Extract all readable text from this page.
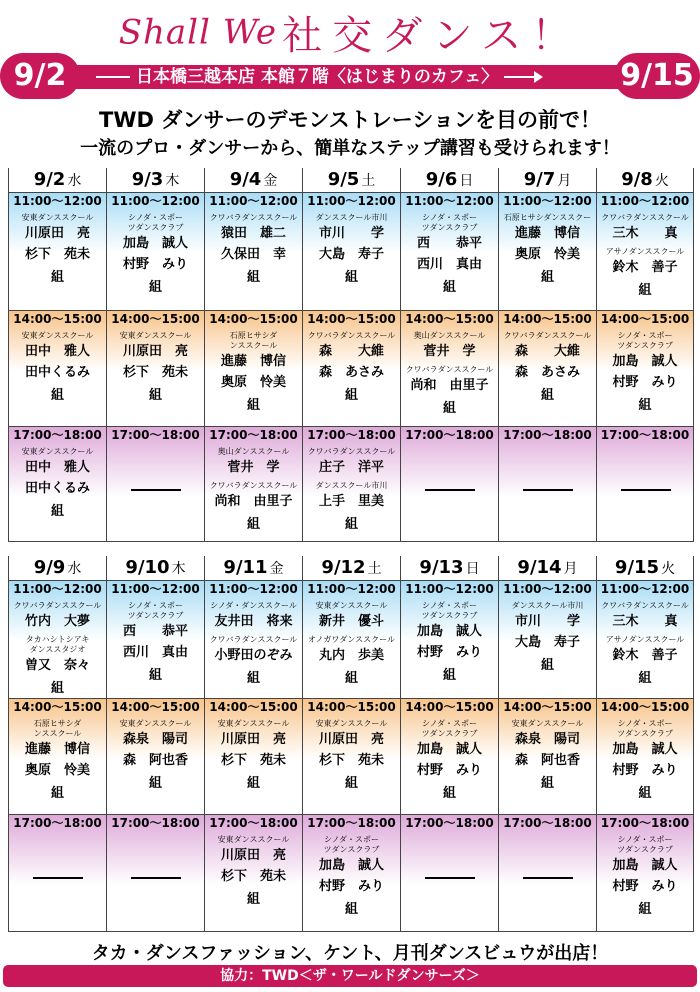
Shall We 社交ダンス！
9/2	日本橋三越本店 本館７階〈はじまりのカフェ〉	9/15
TWD ダンサーのデモンストレーションを目の前で！
一流のプロ・ダンサーから、簡単なステップ講習も受けられます！
9/2 水
11:00〜12:00
安東ダンススクール
川原田　亮
杉下　苑未
組
14:00〜15:00
安東ダンススクール
田中　雅人
田中くるみ
組
17:00〜18:00
安東ダンススクール
田中　雅人
田中くるみ
組
9/3 木
11:00〜12:00
シノダ・スポー
ツダンスクラブ
加島　誠人
村野　みり
組
14:00〜15:00
安東ダンススクール
川原田　亮
杉下　苑未
組
17:00〜18:00
9/4 金
11:00〜12:00
クワバラダンススクール
猿田　雄二
久保田　幸
組
14:00〜15:00
石原ヒサシダ
ンススクール
進藤　博信
奥原　怜美
組
17:00〜18:00
奥山ダンススクール
菅井　学
クワバラダンススクール
尚和　由里子
組
9/5 土
11:00〜12:00
ダンススクール市川
市川　　学
大島　寿子
組
14:00〜15:00
クワバラダンススクール
森　　大維
森　あさみ
組
17:00〜18:00
クワバラダンススクール
庄子　洋平
ダンススクール市川
上手　里美
組
9/6 日
11:00〜12:00
シノダ・スポー
ツダンスクラブ
西　　恭平
西川　真由
組
14:00〜15:00
奥山ダンススクール
菅井　学
クワバラダンススクール
尚和　由里子
組
17:00〜18:00
9/7 月
11:00〜12:00
石原ヒサシダンススクー
進藤　博信
奥原　怜美
組
14:00〜15:00
クワバラダンススクール
森　　大維
森　あさみ
組
17:00〜18:00
9/8 火
11:00〜12:00
クワバラダンススクール
三木　　真
アサノダンススクール
鈴木　善子
組
14:00〜15:00
シノダ・スポー
ツダンスクラブ
加島　誠人
村野　みり
組
17:00〜18:00
9/9 水
11:00〜12:00
クワバラダンススクール
竹内　大夢
タカハシトシアキ
ダンススタジオ
曽又　奈々
組
14:00〜15:00
石原ヒサシダ
ンススクール
進藤　博信
奥原　怜美
組
17:00〜18:00
9/10 木
11:00〜12:00
シノダ・スポー
ツダンスクラブ
西　　恭平
西川　真由
組
14:00〜15:00
安東ダンススクール
森泉　陽司
森　阿也香
組
17:00〜18:00
9/11 金
11:00〜12:00
シノダ・ダンススクール
友井田　将来
クワバラダンススクール
小野田のぞみ
組
14:00〜15:00
安東ダンススクール
川原田　亮
杉下　苑未
組
17:00〜18:00
安東ダンススクール
川原田　亮
杉下　苑未
組
9/12 土
11:00〜12:00
安東ダンススクール
新井　優斗
オノガワダンススクール
丸内　歩美
組
14:00〜15:00
安東ダンススクール
川原田　亮
杉下　苑未
組
17:00〜18:00
シノダ・スポー
ツダンスクラブ
加島　誠人
村野　みり
組
9/13 日
11:00〜12:00
シノダ・スポー
ツダンスクラブ
加島　誠人
村野　みり
組
14:00〜15:00
シノダ・スポー
ツダンスクラブ
加島　誠人
村野　みり
組
17:00〜18:00
9/14 月
11:00〜12:00
ダンススクール市川
市川　　学
大島　寿子
組
14:00〜15:00
安東ダンススクール
森泉　陽司
森　阿也香
組
17:00〜18:00
9/15 火
11:00〜12:00
クワバラダンススクール
三木　　真
アサノダンススクール
鈴木　善子
組
14:00〜15:00
シノダ・スポー
ツダンスクラブ
加島　誠人
村野　みり
組
17:00〜18:00
シノダ・スポー
ツダンスクラブ
加島　誠人
村野　みり
組
タカ・ダンスファッション、ケント、月刊ダンスビュウが出店！
協力：TWD＜ザ・ワールドダンサーズ＞
